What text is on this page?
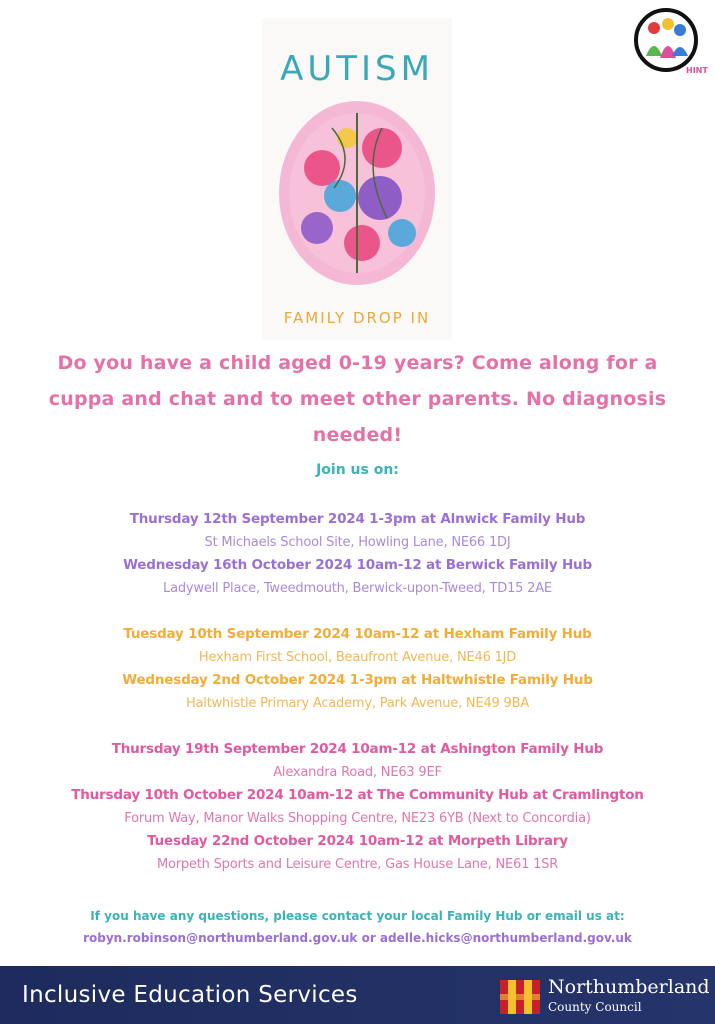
HINT
AUTISM
FAMILY DROP IN
Do you have a child aged 0-19 years? Come along for a cuppa and chat and to meet other parents. No diagnosis needed!
Join us on:
Thursday 12th September 2024 1-3pm at Alnwick Family Hub
St Michaels School Site, Howling Lane, NE66 1DJ
Wednesday 16th October 2024 10am-12 at Berwick Family Hub
Ladywell Place, Tweedmouth, Berwick-upon-Tweed, TD15 2AE
Tuesday 10th September 2024 10am-12 at Hexham Family Hub
Hexham First School, Beaufront Avenue, NE46 1JD
Wednesday 2nd October 2024 1-3pm at Haltwhistle Family Hub
Haltwhistle Primary Academy, Park Avenue, NE49 9BA
Thursday 19th September 2024 10am-12 at Ashington Family Hub
Alexandra Road, NE63 9EF
Thursday 10th October 2024 10am-12 at The Community Hub at Cramlington
Forum Way, Manor Walks Shopping Centre, NE23 6YB (Next to Concordia)
Tuesday 22nd October 2024 10am-12 at Morpeth Library
Morpeth Sports and Leisure Centre, Gas House Lane, NE61 1SR
If you have any questions, please contact your local Family Hub or email us at:
robyn.robinson@northumberland.gov.uk or adelle.hicks@northumberland.gov.uk
Inclusive Education Services	Northumberland
County Council
